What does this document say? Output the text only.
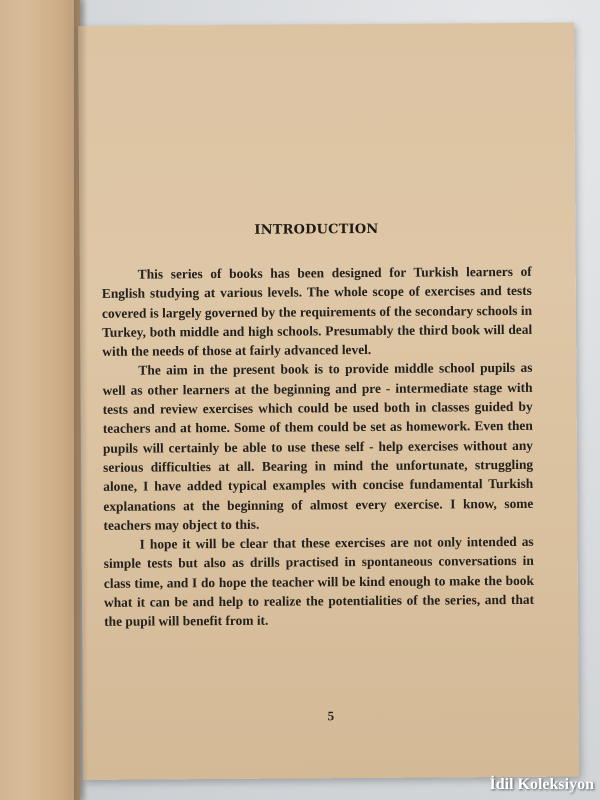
INTRODUCTION

This series of books has been designed for Turkish learners of English studying at various levels. The whole scope of exercises and tests covered is largely governed by the requirements of the secondary schools in Turkey, both middle and high schools. Presumably the third book will deal with the needs of those at fairly advanced level.

The aim in the present book is to provide middle school pupils as well as other learners at the beginning and pre - intermediate stage with tests and review exercises which could be used both in classes guided by teachers and at home. Some of them could be set as homework. Even then pupils will certainly be able to use these self - help exercises without any serious difficulties at all. Bearing in mind the unfortunate, struggling alone, I have added typical examples with concise fundamental Turkish explanations at the beginning of almost every exercise. I know, some teachers may object to this.

I hope it will be clear that these exercises are not only intended as simple tests but also as drills practised in spontaneous conversations in class time, and I do hope the teacher will be kind enough to make the book what it can be and help to realize the potentialities of the series, and that the pupil will benefit from it.

5
İdil Koleksiyon
